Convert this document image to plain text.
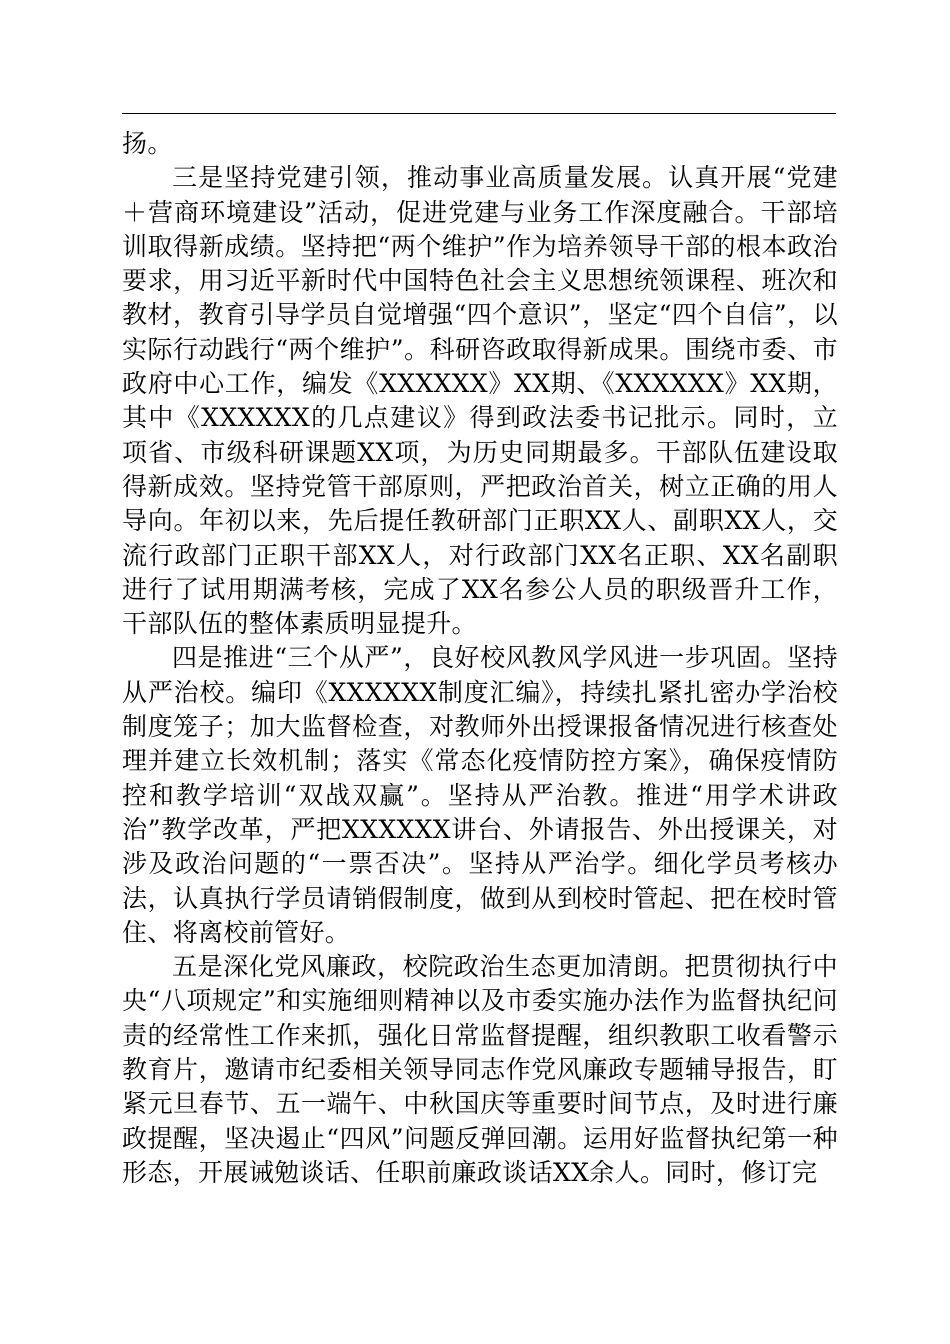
扬。

三是坚持党建引领，推动事业高质量发展。认真开展“党建＋营商环境建设”活动，促进党建与业务工作深度融合。干部培训取得新成绩。坚持把“两个维护”作为培养领导干部的根本政治要求，用习近平新时代中国特色社会主义思想统领课程、班次和教材，教育引导学员自觉增强“四个意识”，坚定“四个自信”，以实际行动践行“两个维护”。科研咨政取得新成果。围绕市委、市政府中心工作，编发《XXXXXX》XX期、《XXXXXX》XX期，其中《XXXXXX的几点建议》得到政法委书记批示。同时，立项省、市级科研课题XX项，为历史同期最多。干部队伍建设取得新成效。坚持党管干部原则，严把政治首关，树立正确的用人导向。年初以来，先后提任教研部门正职XX人、副职XX人，交流行政部门正职干部XX人，对行政部门XX名正职、XX名副职进行了试用期满考核，完成了XX名参公人员的职级晋升工作，干部队伍的整体素质明显提升。

四是推进“三个从严”，良好校风教风学风进一步巩固。坚持从严治校。编印《XXXXXX制度汇编》，持续扎紧扎密办学治校制度笼子；加大监督检查，对教师外出授课报备情况进行核查处理并建立长效机制；落实《常态化疫情防控方案》，确保疫情防控和教学培训“双战双赢”。坚持从严治教。推进“用学术讲政治”教学改革，严把XXXXXX讲台、外请报告、外出授课关，对涉及政治问题的“一票否决”。坚持从严治学。细化学员考核办法，认真执行学员请销假制度，做到从到校时管起、把在校时管住、将离校前管好。

五是深化党风廉政，校院政治生态更加清朗。把贯彻执行中央“八项规定”和实施细则精神以及市委实施办法作为监督执纪问责的经常性工作来抓，强化日常监督提醒，组织教职工收看警示教育片，邀请市纪委相关领导同志作党风廉政专题辅导报告，盯紧元旦春节、五一端午、中秋国庆等重要时间节点，及时进行廉政提醒，坚决遏止“四风”问题反弹回潮。运用好监督执纪第一种形态，开展诫勉谈话、任职前廉政谈话XX余人。同时，修订完
